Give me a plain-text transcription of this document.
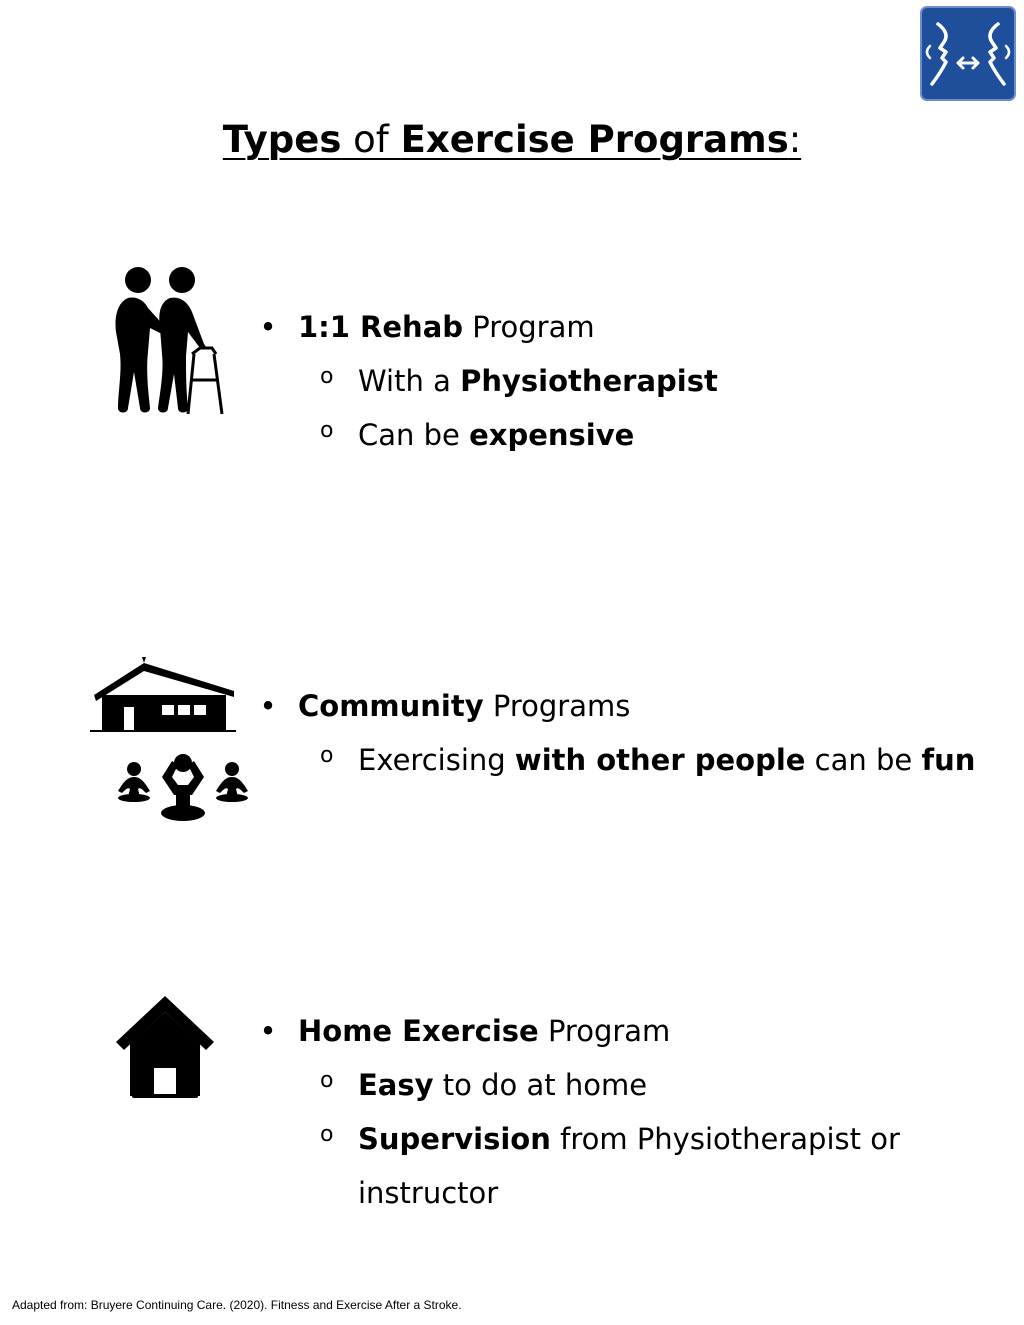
Types of Exercise Programs:
• 1:1 Rehab Program
o With a Physiotherapist
o Can be expensive
• Community Programs
o Exercising with other people can be fun
• Home Exercise Program
o Easy to do at home
o Supervision from Physiotherapist or
instructor
Adapted from: Bruyere Continuing Care. (2020). Fitness and Exercise After a Stroke.
